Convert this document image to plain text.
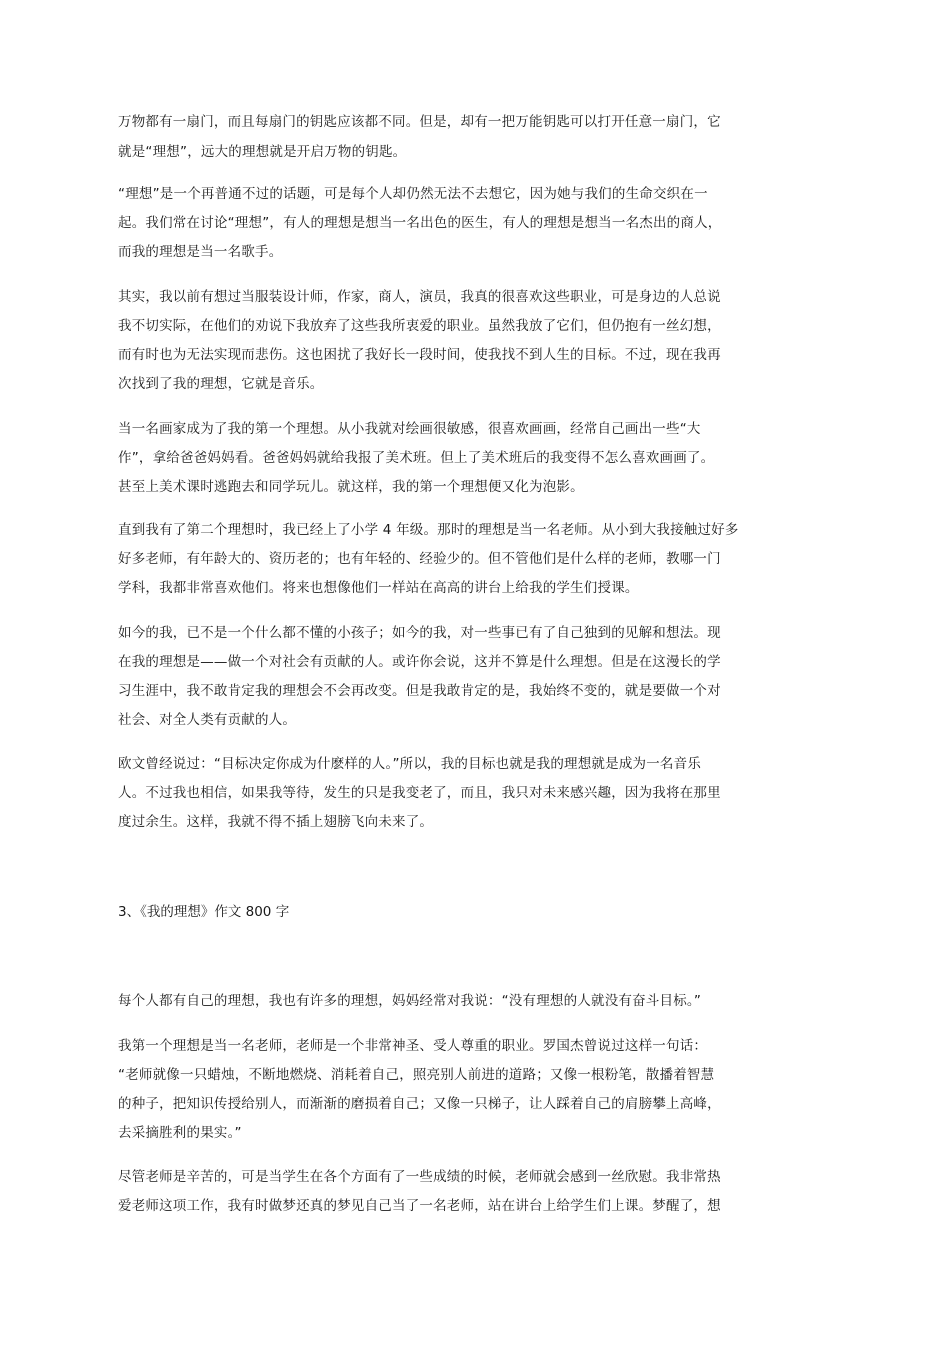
万物都有一扇门，而且每扇门的钥匙应该都不同。但是，却有一把万能钥匙可以打开任意一扇门，它
就是“理想”，远大的理想就是开启万物的钥匙。
“理想”是一个再普通不过的话题，可是每个人却仍然无法不去想它，因为她与我们的生命交织在一
起。我们常在讨论“理想”，有人的理想是想当一名出色的医生，有人的理想是想当一名杰出的商人，
而我的理想是当一名歌手。
其实，我以前有想过当服装设计师，作家，商人，演员，我真的很喜欢这些职业，可是身边的人总说
我不切实际，在他们的劝说下我放弃了这些我所衷爱的职业。虽然我放了它们，但仍抱有一丝幻想，
而有时也为无法实现而悲伤。这也困扰了我好长一段时间，使我找不到人生的目标。不过，现在我再
次找到了我的理想，它就是音乐。
当一名画家成为了我的第一个理想。从小我就对绘画很敏感，很喜欢画画，经常自己画出一些“大
作”，拿给爸爸妈妈看。爸爸妈妈就给我报了美术班。但上了美术班后的我变得不怎么喜欢画画了。
甚至上美术课时逃跑去和同学玩儿。就这样，我的第一个理想便又化为泡影。
直到我有了第二个理想时，我已经上了小学 4 年级。那时的理想是当一名老师。从小到大我接触过好多
好多老师，有年龄大的、资历老的；也有年轻的、经验少的。但不管他们是什么样的老师，教哪一门
学科，我都非常喜欢他们。将来也想像他们一样站在高高的讲台上给我的学生们授课。
如今的我，已不是一个什么都不懂的小孩子；如今的我，对一些事已有了自己独到的见解和想法。现
在我的理想是——做一个对社会有贡献的人。或许你会说，这并不算是什么理想。但是在这漫长的学
习生涯中，我不敢肯定我的理想会不会再改变。但是我敢肯定的是，我始终不变的，就是要做一个对
社会、对全人类有贡献的人。
欧文曾经说过：“目标决定你成为什麽样的人。”所以，我的目标也就是我的理想就是成为一名音乐
人。不过我也相信，如果我等待，发生的只是我变老了，而且，我只对未来感兴趣，因为我将在那里
度过余生。这样，我就不得不插上翅膀飞向未来了。
3、《我的理想》作文 800 字
每个人都有自己的理想，我也有许多的理想，妈妈经常对我说：“没有理想的人就没有奋斗目标。”
我第一个理想是当一名老师，老师是一个非常神圣、受人尊重的职业。罗国杰曾说过这样一句话：
“老师就像一只蜡烛，不断地燃烧、消耗着自己，照亮别人前进的道路；又像一根粉笔，散播着智慧
的种子，把知识传授给别人，而渐渐的磨损着自己；又像一只梯子，让人踩着自己的肩膀攀上高峰，
去采摘胜利的果实。”
尽管老师是辛苦的，可是当学生在各个方面有了一些成绩的时候，老师就会感到一丝欣慰。我非常热
爱老师这项工作，我有时做梦还真的梦见自己当了一名老师，站在讲台上给学生们上课。梦醒了，想
